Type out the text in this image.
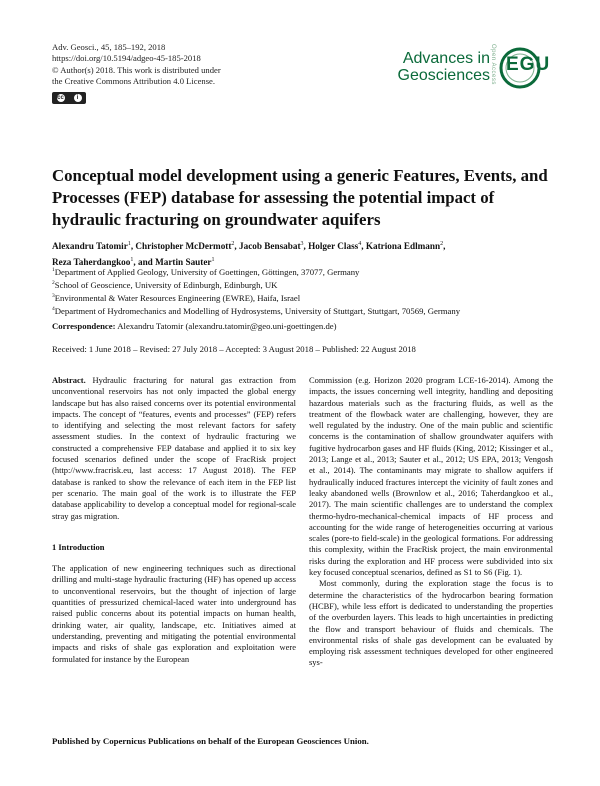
Adv. Geosci., 45, 185–192, 2018
https://doi.org/10.5194/adgeo-45-185-2018
© Author(s) 2018. This work is distributed under
the Creative Commons Attribution 4.0 License.
cc	i
Advances in
Geosciences Open Access EGU
Conceptual model development using a generic Features, Events, and Processes (FEP) database for assessing the potential impact of hydraulic fracturing on groundwater aquifers
Alexandru Tatomir$^1$, Christopher McDermott$^2$, Jacob Bensabat$^3$, Holger Class$^4$, Katriona Edlmann$^2$,
Reza Taherdangkoo$^1$, and Martin Sauter$^1$
$^1$Department of Applied Geology, University of Goettingen, Göttingen, 37077, Germany
$^2$School of Geoscience, University of Edinburgh, Edinburgh, UK
$^3$Environmental & Water Resources Engineering (EWRE), Haifa, Israel
$^4$Department of Hydromechanics and Modelling of Hydrosystems, University of Stuttgart, Stuttgart, 70569, Germany
Correspondence: Alexandru Tatomir (alexandru.tatomir@geo.uni-goettingen.de)
Received: 1 June 2018 – Revised: 27 July 2018 – Accepted: 3 August 2018 – Published: 22 August 2018

Abstract. Hydraulic fracturing for natural gas extraction from unconventional reservoirs has not only impacted the global energy landscape but has also raised concerns over its potential environmental impacts. The concept of “features, events and processes” (FEP) refers to identifying and selecting the most relevant factors for safety assessment studies. In the context of hydraulic fracturing we constructed a comprehensive FEP database and applied it to six key focused scenarios defined under the scope of FracRisk project (http://www.fracrisk.eu, last access: 17 August 2018). The FEP database is ranked to show the relevance of each item in the FEP list per scenario. The main goal of the work is to illustrate the FEP database applicability to develop a conceptual model for regional-scale stray gas migration.

1 Introduction

The application of new engineering techniques such as directional drilling and multi-stage hydraulic fracturing (HF) has opened up access to unconventional reservoirs, but the thought of injection of large quantities of pressurized chemical-laced water into underground has raised public concerns about its potential impacts on human health, drinking water, air quality, landscape, etc. Initiatives aimed at understanding, preventing and mitigating the potential environmental impacts and risks of shale gas exploration and exploitation were formulated for instance by the European

Commission (e.g. Horizon 2020 program LCE-16-2014). Among the impacts, the issues concerning well integrity, handling and depositing hazardous materials such as the fracturing fluids, as well as the treatment of the flowback water are challenging, however, they are well regulated by the industry. One of the main public and scientific concerns is the contamination of shallow groundwater aquifers with fugitive hydrocarbon gases and HF fluids (King, 2012; Kissinger et al., 2013; Lange et al., 2013; Sauter et al., 2012; US EPA, 2013; Vengosh et al., 2014). The contaminants may migrate to shallow aquifers if hydraulically induced fractures intercept the vicinity of fault zones and leaky abandoned wells (Brownlow et al., 2016; Taherdangkoo et al., 2017). The main scientific challenges are to understand the complex thermo-hydro-mechanical-chemical impacts of HF process and accounting for the wide range of heterogeneities occurring at various scales (pore-to field-scale) in the geological formations. For addressing this complexity, within the FracRisk project, the main environmental risks during the exploration and HF process were subdivided into six key focused conceptual scenarios, defined as S1 to S6 (Fig. 1).

Most commonly, during the exploration stage the focus is to determine the characteristics of the hydrocarbon bearing formation (HCBF), while less effort is dedicated to understanding the properties of the overburden layers. This leads to high uncertainties in predicting the flow and transport behaviour of fluids and chemicals. The environmental risks of shale gas development can be evaluated by employing risk assessment techniques developed for other engineered sys-

Published by Copernicus Publications on behalf of the European Geosciences Union.
